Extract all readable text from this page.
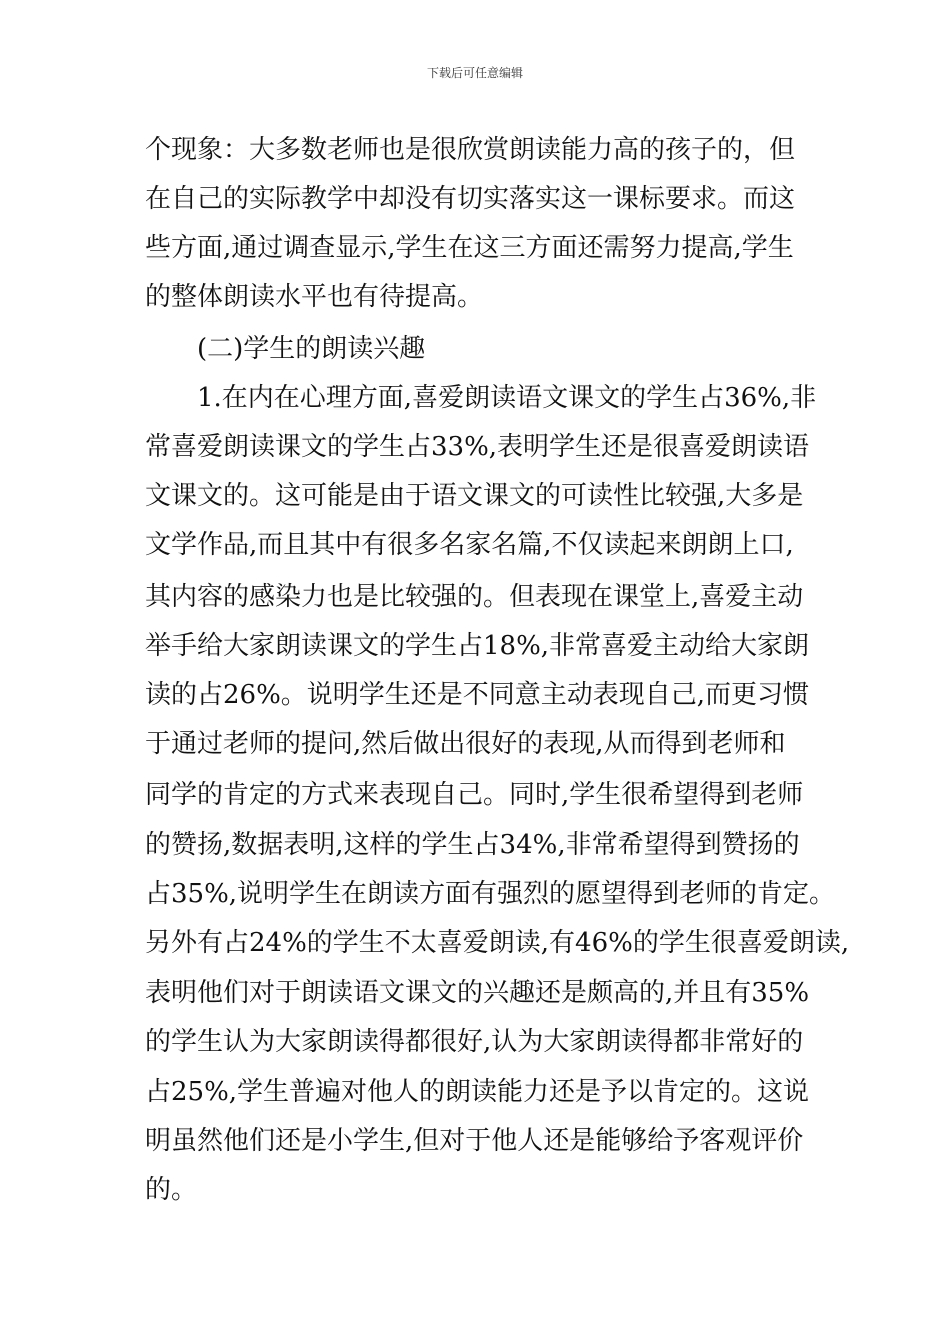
下载后可任意编辑
个现象：大多数老师也是很欣赏朗读能力高的孩子的，但
在自己的实际教学中却没有切实落实这一课标要求。而这
些方面,通过调查显示,学生在这三方面还需努力提高,学生
的整体朗读水平也有待提高。
(二)学生的朗读兴趣
1.在内在心理方面,喜爱朗读语文课文的学生占36%,非
常喜爱朗读课文的学生占33%,表明学生还是很喜爱朗读语
文课文的。这可能是由于语文课文的可读性比较强,大多是
文学作品,而且其中有很多名家名篇,不仅读起来朗朗上口,
其内容的感染力也是比较强的。但表现在课堂上,喜爱主动
举手给大家朗读课文的学生占18%,非常喜爱主动给大家朗
读的占26%。说明学生还是不同意主动表现自己,而更习惯
于通过老师的提问,然后做出很好的表现,从而得到老师和
同学的肯定的方式来表现自己。同时,学生很希望得到老师
的赞扬,数据表明,这样的学生占34%,非常希望得到赞扬的
占35%,说明学生在朗读方面有强烈的愿望得到老师的肯定。
另外有占24%的学生不太喜爱朗读,有46%的学生很喜爱朗读,
表明他们对于朗读语文课文的兴趣还是颇高的,并且有35%
的学生认为大家朗读得都很好,认为大家朗读得都非常好的
占25%,学生普遍对他人的朗读能力还是予以肯定的。这说
明虽然他们还是小学生,但对于他人还是能够给予客观评价
的。
